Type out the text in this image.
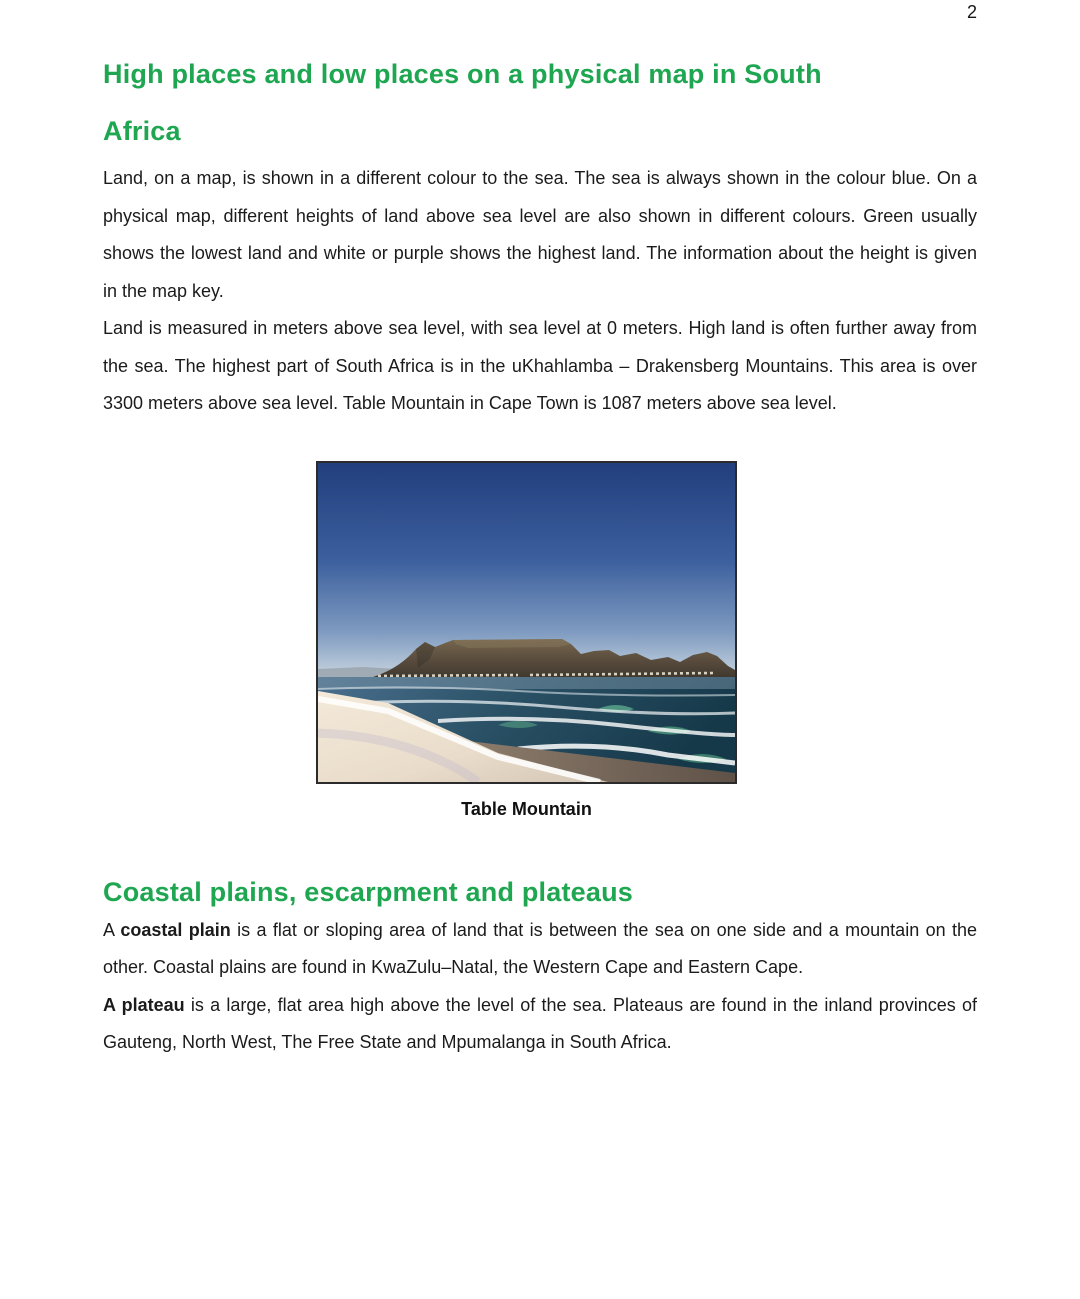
2
High places and low places on a physical map in South
Africa

Land, on a map, is shown in a different colour to the sea. The sea is always shown in the colour blue. On a physical map, different heights of land above sea level are also shown in different colours. Green usually shows the lowest land and white or purple shows the highest land. The information about the height is given in the map key.

Land is measured in meters above sea level, with sea level at 0 meters. High land is often further away from the sea. The highest part of South Africa is in the uKhahlamba – Drakensberg Mountains. This area is over 3300 meters above sea level. Table Mountain in Cape Town is 1087 meters above sea level.

Table Mountain
Coastal plains, escarpment and plateaus

A coastal plain is a flat or sloping area of land that is between the sea on one side and a mountain on the other. Coastal plains are found in KwaZulu–Natal, the Western Cape and Eastern Cape.

A plateau is a large, flat area high above the level of the sea. Plateaus are found in the inland provinces of Gauteng, North West, The Free State and Mpumalanga in South Africa.
